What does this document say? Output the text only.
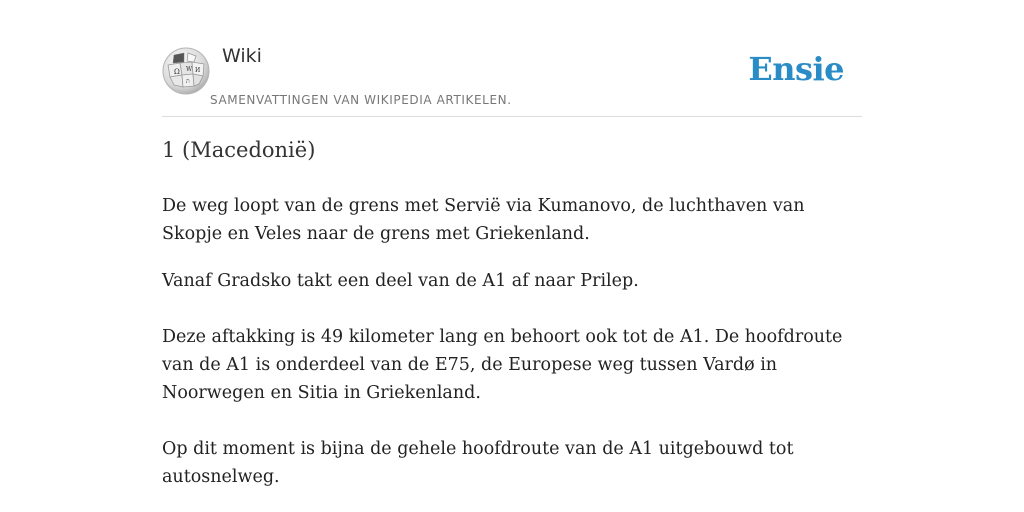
Ω W И
ת
Wiki
SAMENVATTINGEN VAN WIKIPEDIA ARTIKELEN.
Ensie
1 (Macedonië)

De weg loopt van de grens met Servië via Kumanovo, de luchthaven van Skopje en Veles naar de grens met Griekenland.

Vanaf Gradsko takt een deel van de A1 af naar Prilep.

Deze aftakking is 49 kilometer lang en behoort ook tot de A1. De hoofdroute van de A1 is onderdeel van de E75, de Europese weg tussen Vardø in Noorwegen en Sitia in Griekenland.

Op dit moment is bijna de gehele hoofdroute van de A1 uitgebouwd tot autosnelweg.
